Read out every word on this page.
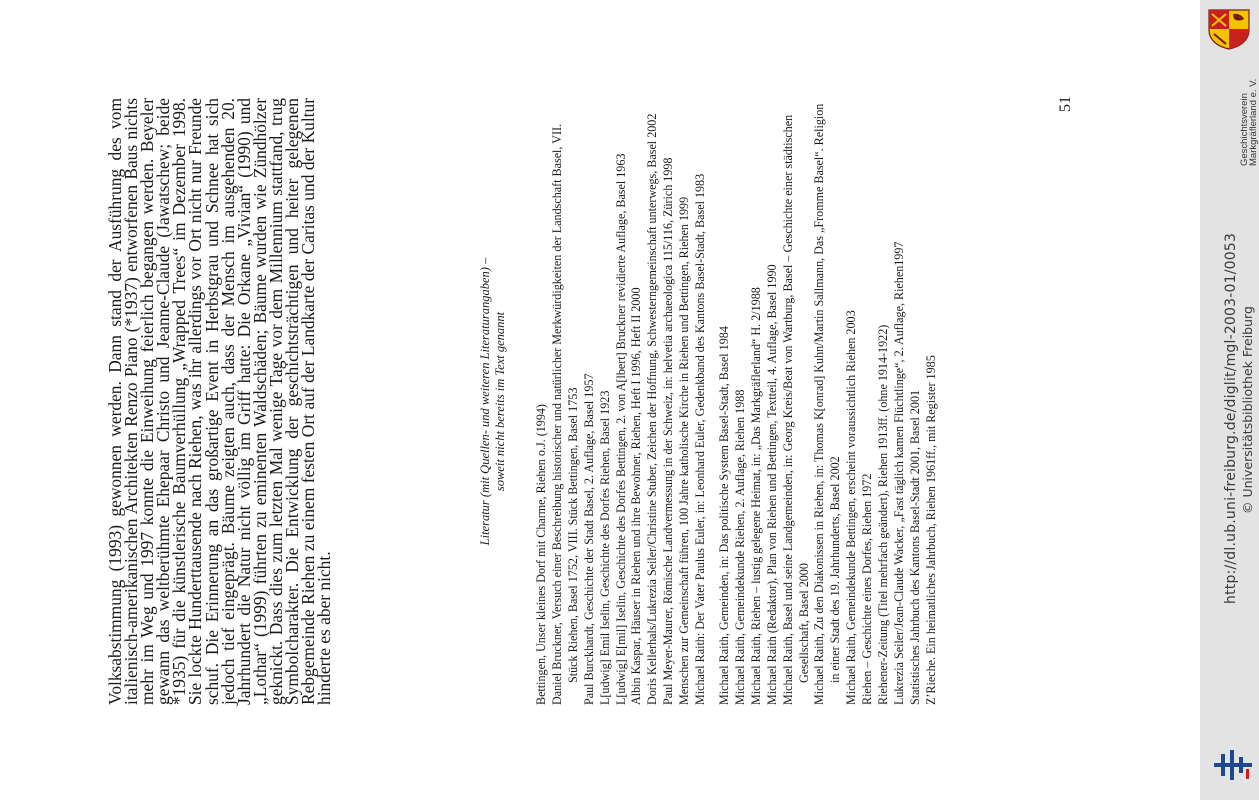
Volksabstimmung (1993) gewonnen werden. Dann stand der Ausführung des vom italienisch-amerikanischen Architekten Renzo Piano (*1937) entworfenen Baus nichts mehr im Weg und 1997 konnte die Einweihung feierlich begangen werden. Beyeler gewann das weltberühmte Ehepaar Christo und Jeanne-Claude (Jawatschew; beide *1935) für die künstlerische Baumverhüllung „Wrapped Trees“ im Dezember 1998. Sie lockte Hunderttausende nach Riehen, was ihr allerdings vor Ort nicht nur Freunde schuf. Die Erinnerung an das großartige Event in Herbstgrau und Schnee hat sich jedoch tief eingeprägt. Bäume zeigten auch, dass der Mensch im ausgehenden 20. Jahrhundert die Natur nicht völlig im Griff hatte: Die Orkane „Vivian“ (1990) und „Lothar“ (1999) führten zu eminenten Waldschäden; Bäume wurden wie Zündhölzer geknickt. Dass dies zum letzten Mal wenige Tage vor dem Millennium stattfand, trug Symbolcharakter. Die Entwicklung der geschichtsträchtigen und heiter gelegenen Rebgemeinde Riehen zu einem festen Ort auf der Landkarte der Caritas und der Kultur hinderte es aber nicht.

Literatur (mit Quellen- und weiteren Literaturangaben) – soweit nicht bereits im Text genannt
Bettingen, Unser kleines Dorf mit Charme, Riehen o.J. (1994) Daniel Bruckner, Versuch einer Beschreibung historischer und natürlicher Merkwürdigkeiten der Landschaft Basel, VII. Stück Riehen, Basel 1752, VIII. Stück Bettingen, Basel 1753 Paul Burckhardt, Geschichte der Stadt Basel, 2. Auflage, Basel 1957 L[udwig] Emil Iselin, Geschichte des Dorfes Riehen, Basel 1923 L[udwig] E[mil] Iselin, Geschichte des Dorfes Bettingen, 2. von A[lbert] Bruckner revidierte Auflage, Basel 1963 Albin Kaspar, Häuser in Riehen und ihre Bewohner, Riehen, Heft I 1996, Heft II 2000 Doris Kellerhals/Lukrezia Seiler/Christine Stuber, Zeichen der Hoffnung, Schwesterngemeinschaft unterwegs, Basel 2002 Paul Meyer-Maurer, Römische Landvermessung in der Schweiz, in: helvetia archaeologica 115/116, Zürich 1998 Menschen zur Gemeinschaft führen, 100 Jahre katholische Kirche in Riehen und Bettingen, Riehen 1999 Michael Raith: Der Vater Paulus Euler, in: Leonhard Euler, Gedenkband des Kantons Basel-Stadt, Basel 1983 Michael Raith, Gemeinden, in: Das politische System Basel-Stadt, Basel 1984 Michael Raith, Gemeindekunde Riehen, 2. Auflage, Riehen 1988 Michael Raith, Riehen – lustig gelegene Heimat, in: „Das Markgräflerland“ H. 2/1988 Michael Raith (Redaktor), Plan von Riehen und Bettingen, Textteil, 4. Auflage, Basel 1990 Michael Raith, Basel und seine Landgemeinden, in: Georg Kreis/Beat von Wartburg, Basel – Geschichte einer städtischen Gesellschaft, Basel 2000 Michael Raith, Zu den Diakonissen in Riehen, in: Thomas K[onrad] Kuhn/Martin Sallmann, Das „Fromme Basel“. Religion in einer Stadt des 19. Jahrhunderts, Basel 2002 Michael Raith, Gemeindekunde Bettingen, erscheint voraussichtlich Riehen 2003 Riehen – Geschichte eines Dorfes, Riehen 1972 Riehener-Zeitung (Titel mehrfach geändert), Riehen 1913ff. (ohne 1914-1922) Lukrezia Seiler/Jean-Claude Wacker, „Fast täglich kamen Flüchtlinge“, 2. Auflage, Riehen1997 Statistisches Jahrbuch des Kantons Basel-Stadt 2001, Basel 2001 Z’Rieche. Ein heimatliches Jahrbuch, Riehen 1961ff., mit Register 1985
51
http://dl.ub.uni-freiburg.de/diglit/mgl-2003-01/0053 © Universitätsbibliothek Freiburg
Geschichtsverein
Markgräflerland e. V.
